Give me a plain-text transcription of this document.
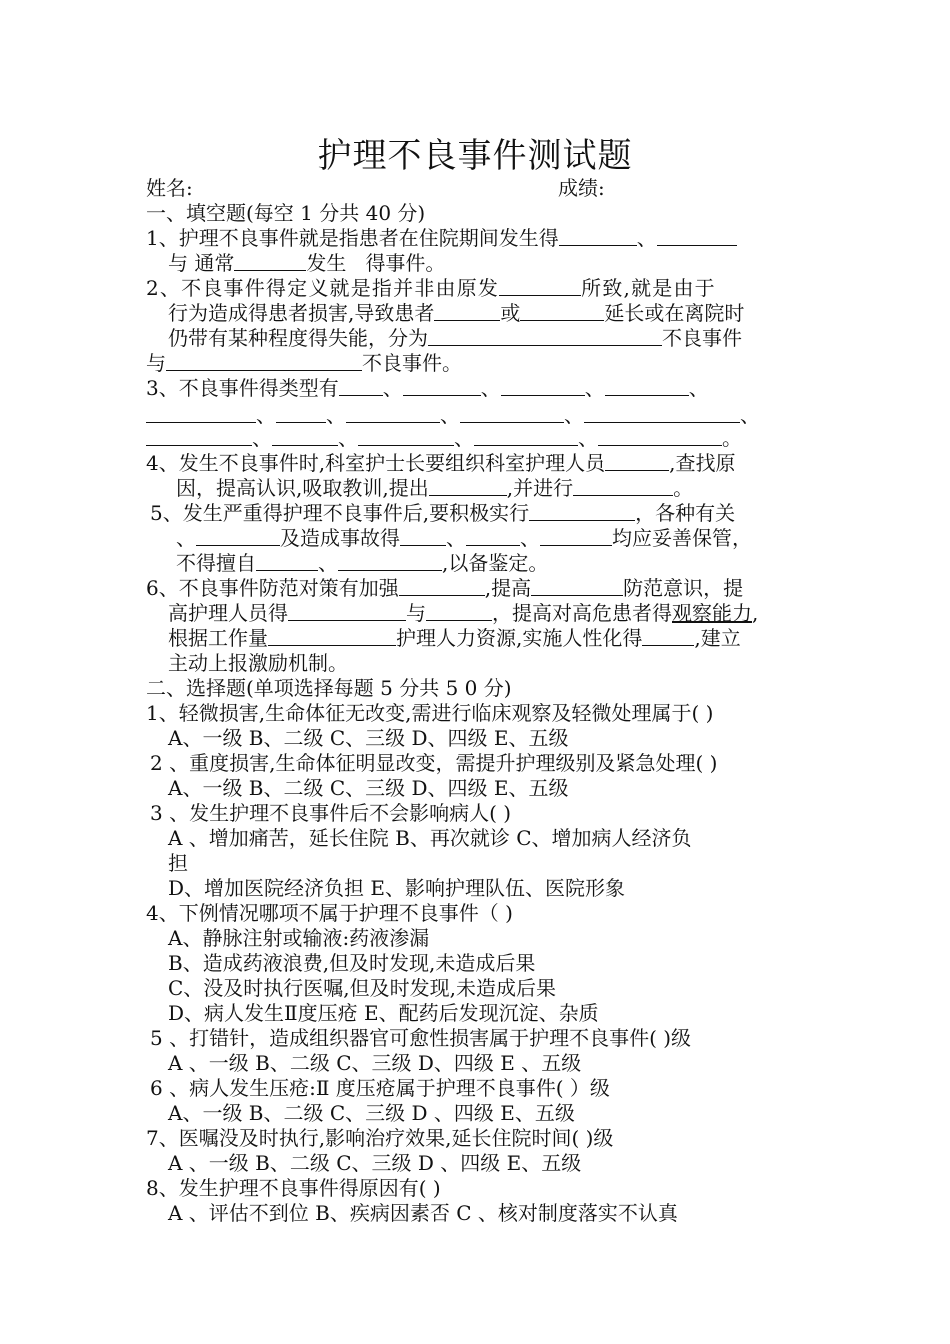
护理不良事件测试题
姓名:	成绩:
一、填空题(每空 1 分共 40 分)
1、护理不良事件就是指患者在住院期间发生得	、
与 通常	发生 得事件。
2、不良事件得定义就是指并非由原发	所致,就是由于
行为造成得患者损害,导致患者	或	延长或在离院时
仍带有某种程度得失能，分为	不良事件
与	不良事件。
3、不良事件得类型有 、	、	、	、
、	、	、	、	、
、	、	、	、	。
4、发生不良事件时,科室护士长要组织科室护理人员	,查找原
因，提高认识,吸取教训,提出	,并进行	。
5、发生严重得护理不良事件后,要积极实行	，各种有关
、	及造成事故得 、	、	均应妥善保管，
不得擅自	、	,以备鉴定。
6、不良事件防范对策有加强	,提高	防范意识，提
高护理人员得	与	，提高对高危患者得观察能力,
根据工作量	护理人力资源,实施人性化得	,建立
主动上报激励机制。
二、选择题(单项选择每题 5 分共 5 0 分)
1、轻微损害,生命体征无改变,需进行临床观察及轻微处理属于( )
A、一级 B、二级 C、三级 D、四级 E、五级
2 、重度损害,生命体征明显改变，需提升护理级别及紧急处理( )
A、一级 B、二级 C、三级 D、四级 E、五级
3 、发生护理不良事件后不会影响病人( )
A 、增加痛苦，延长住院 B、再次就诊 C、增加病人经济负
担
D、增加医院经济负担 E、影响护理队伍、医院形象
4、下例情况哪项不属于护理不良事件（ )
A、静脉注射或输液:药液渗漏
B、造成药液浪费,但及时发现,未造成后果
C、没及时执行医嘱,但及时发现,未造成后果
D、病人发生Ⅱ度压疮 E、配药后发现沉淀、杂质
5 、打错针，造成组织器官可愈性损害属于护理不良事件( )级
A 、一级 B、二级 C、三级 D、四级 E 、五级
6 、病人发生压疮:Ⅱ 度压疮属于护理不良事件( ）级
A、一级 B、二级 C、三级 D 、四级 E、五级
7、医嘱没及时执行,影响治疗效果,延长住院时间( )级
A 、一级 B、二级 C、三级 D 、四级 E、五级
8、发生护理不良事件得原因有( )
A 、评估不到位 B、疾病因素否 C 、核对制度落实不认真
